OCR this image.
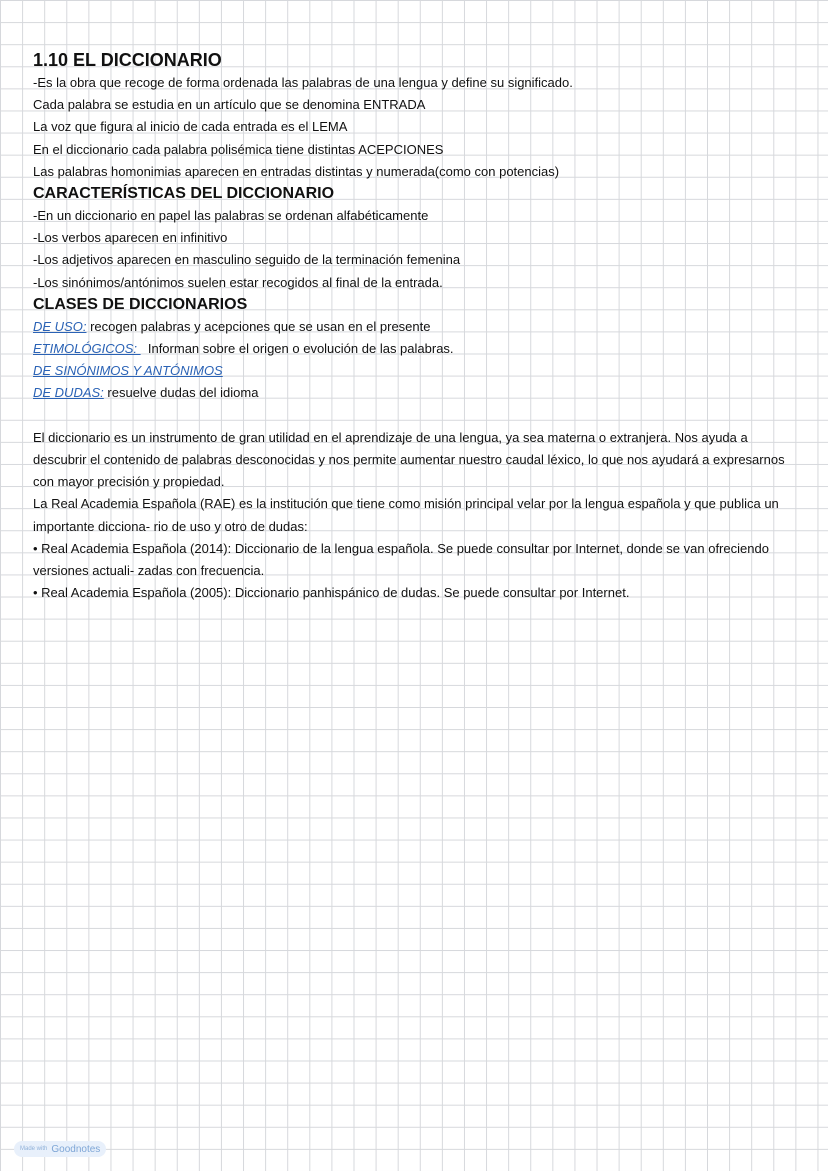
1.10 EL DICCIONARIO

-Es la obra que recoge de forma ordenada las palabras de una lengua y define su significado.

Cada palabra se estudia en un artículo que se denomina ENTRADA

La voz que figura al inicio de cada entrada es el LEMA

En el diccionario cada palabra polisémica tiene distintas ACEPCIONES

Las palabras homonimias aparecen en entradas distintas y numerada(como con potencias)

CARACTERÍSTICAS DEL DICCIONARIO

-En un diccionario en papel las palabras se ordenan alfabéticamente

-Los verbos aparecen en infinitivo

-Los adjetivos aparecen en masculino seguido de la terminación femenina

-Los sinónimos/antónimos suelen estar recogidos al final de la entrada.

CLASES DE DICCIONARIOS

DE USO: recogen palabras y acepciones que se usan en el presente

ETIMOLÓGICOS:   Informan sobre el origen o evolución de las palabras.

DE SINÓNIMOS Y ANTÓNIMOS

DE DUDAS: resuelve dudas del idioma

El diccionario es un instrumento de gran utilidad en el aprendizaje de una lengua, ya sea materna o extranjera. Nos ayuda a descubrir el contenido de palabras desconocidas y nos permite aumentar nuestro caudal léxico, lo que nos ayudará a expresarnos con mayor precisión y propiedad.

La Real Academia Española (RAE) es la institución que tiene como misión principal velar por la lengua española y que publica un importante dicciona- rio de uso y otro de dudas:

• Real Academia Española (2014): Diccionario de la lengua española. Se puede consultar por Internet, donde se van ofreciendo versiones actuali- zadas con frecuencia.

• Real Academia Española (2005): Diccionario panhispánico de dudas. Se puede consultar por Internet.

Made with Goodnotes
